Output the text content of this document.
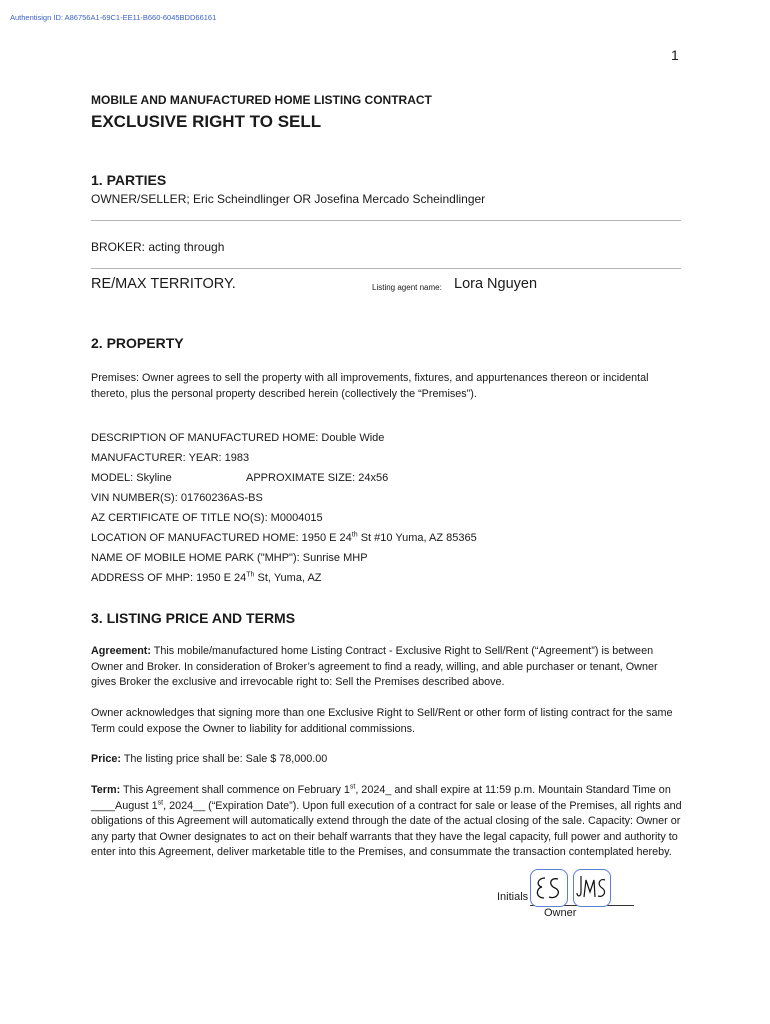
Authentisign ID: A86756A1-69C1-EE11-B660-6045BDD66161
1
MOBILE AND MANUFACTURED HOME LISTING CONTRACT
EXCLUSIVE RIGHT TO SELL
1. PARTIES
OWNER/SELLER; Eric Scheindlinger OR Josefina Mercado Scheindlinger
BROKER: acting through
RE/MAX TERRITORY.	Listing agent name: Lora Nguyen
2. PROPERTY
Premises: Owner agrees to sell the property with all improvements, fixtures, and appurtenances thereon or incidental thereto, plus the personal property described herein (collectively the “Premises”).
DESCRIPTION OF MANUFACTURED HOME: Double Wide
MANUFACTURER: YEAR: 1983
MODEL: Skyline	APPROXIMATE SIZE: 24x56
VIN NUMBER(S): 01760236AS-BS
AZ CERTIFICATE OF TITLE NO(S): M0004015
LOCATION OF MANUFACTURED HOME: 1950 E 24th St #10 Yuma, AZ 85365
NAME OF MOBILE HOME PARK ("MHP"): Sunrise MHP
ADDRESS OF MHP: 1950 E 24Th St, Yuma, AZ
3. LISTING PRICE AND TERMS
Agreement: This mobile/manufactured home Listing Contract - Exclusive Right to Sell/Rent (“Agreement”) is between Owner and Broker. In consideration of Broker’s agreement to find a ready, willing, and able purchaser or tenant, Owner gives Broker the exclusive and irrevocable right to: Sell the Premises described above.
Owner acknowledges that signing more than one Exclusive Right to Sell/Rent or other form of listing contract for the same Term could expose the Owner to liability for additional commissions.
Price: The listing price shall be: Sale $ 78,000.00
Term: This Agreement shall commence on February 1st, 2024_ and shall expire at 11:59 p.m. Mountain Standard Time on ____August 1st, 2024__ (“Expiration Date”). Upon full execution of a contract for sale or lease of the Premises, all rights and obligations of this Agreement will automatically extend through the date of the actual closing of the sale. Capacity: Owner or any party that Owner designates to act on their behalf warrants that they have the legal capacity, full power and authority to enter into this Agreement, deliver marketable title to the Premises, and consummate the transaction contemplated hereby.
Initials
Owner
